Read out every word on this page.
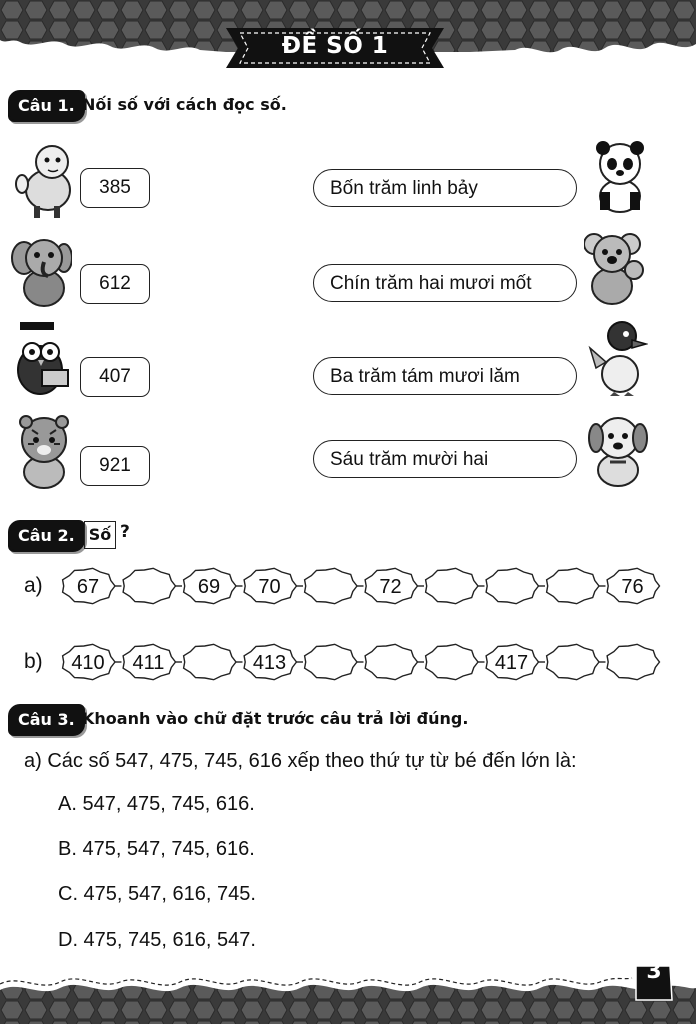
ĐỀ SỐ 1
Câu 1. Nối số với cách đọc số.
385
612
407
921
Bốn trăm linh bảy
Chín trăm hai mươi mốt
Ba trăm tám mươi lăm
Sáu trăm mười hai
Câu 2. Số ?
a) 67	69 70	72	76
b) 410 411	413	417
Câu 3. Khoanh vào chữ đặt trước câu trả lời đúng.
a) Các số 547, 475, 745, 616 xếp theo thứ tự từ bé đến lớn là:
A. 547, 475, 745, 616.
B. 475, 547, 745, 616.
C. 475, 547, 616, 745.
D. 475, 745, 616, 547.
3
